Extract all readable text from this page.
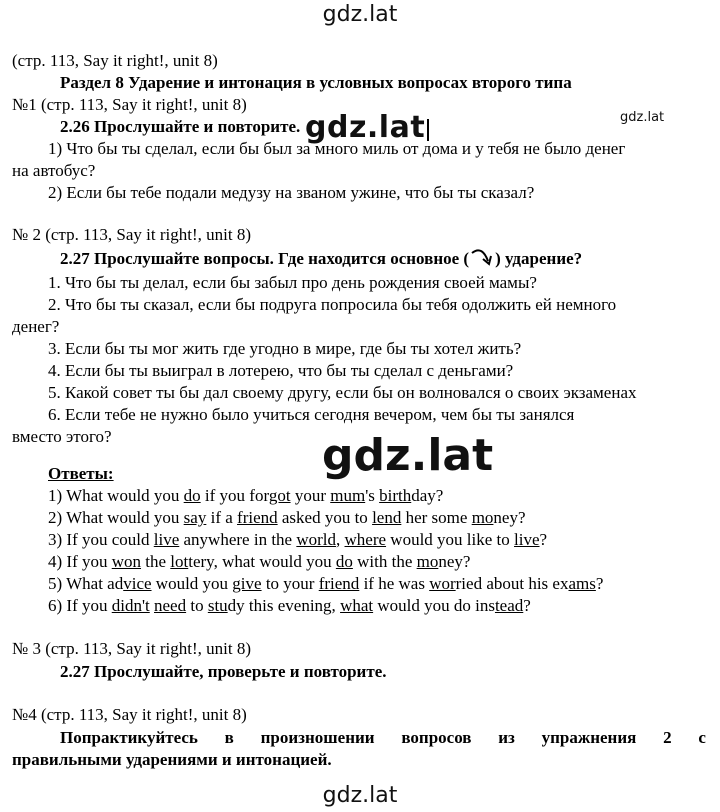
gdz.lat
gdz.lat
(стр. 113, Say it right!, unit 8)
Раздел 8 Ударение и интонация в условных вопросах второго типа
№1 (стр. 113, Say it right!, unit 8)
2.26 Прослушайте и повторите. gdz.lat
1) Что бы ты сделал, если бы был за много миль от дома и у тебя не было денег
на автобус?
2) Если бы тебе подали медузу на званом ужине, что бы ты сказал?
№ 2 (стр. 113, Say it right!, unit 8)
2.27 Прослушайте вопросы. Где находится основное ( ) ударение?
1. Что бы ты делал, если бы забыл про день рождения своей мамы?
2. Что бы ты сказал, если бы подруга попросила бы тебя одолжить ей немного
денег?
3. Если бы ты мог жить где угодно в мире, где бы ты хотел жить?
4. Если бы ты выиграл в лотерею, что бы ты сделал с деньгами?
5. Какой совет ты бы дал своему другу, если бы он волновался о своих экзаменах
6. Если тебе не нужно было учиться сегодня вечером, чем бы ты занялся
вместо этого?	gdz.lat
Ответы:
1) What would you do if you forgot your mum's birthday?
2) What would you say if a friend asked you to lend her some money?
3) If you could live anywhere in the world, where would you like to live?
4) If you won the lottery, what would you do with the money?
5) What advice would you give to your friend if he was worried about his exams?
6) If you didn't need to study this evening, what would you do instead?
№ 3 (стр. 113, Say it right!, unit 8)
2.27 Прослушайте, проверьте и повторите.
№4 (стр. 113, Say it right!, unit 8)
Попрактикуйтесь в произношении вопросов из упражнения 2 с
правильными ударениями и интонацией.
gdz.lat
